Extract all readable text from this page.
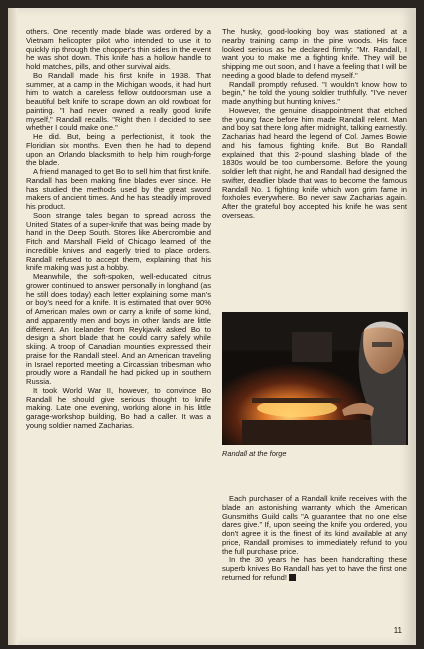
others. One recently made blade was ordered by a Vietnam helicopter pilot who intended to use it to quickly rip through the chopper's thin sides in the event he was shot down. This knife has a hollow handle to hold matches, pills, and other survival aids.

Bo Randall made his first knife in 1938. That summer, at a camp in the Michigan woods, it had hurt him to watch a careless fellow outdoorsman use a beautiful belt knife to scrape down an old rowboat for painting. "I had never owned a really good knife myself," Randall recalls. "Right then I decided to see whether I could make one."

He did. But, being a perfectionist, it took the Floridian six months. Even then he had to depend upon an Orlando blacksmith to help him rough-forge the blade.

A friend managed to get Bo to sell him that first knife. Randall has been making fine blades ever since. He has studied the methods used by the great sword makers of ancient times. And he has steadily improved his product.

Soon strange tales began to spread across the United States of a super-knife that was being made by hand in the Deep South. Stores like Abercrombie and Fitch and Marshall Field of Chicago learned of the incredible knives and eagerly tried to place orders. Randall refused to accept them, explaining that his knife making was just a hobby.

Meanwhile, the soft-spoken, well-educated citrus grower continued to answer personally in longhand (as he still does today) each letter explaining some man's or boy's need for a knife. It is estimated that over 90% of American males own or carry a knife of some kind, and apparently men and boys in other lands are little different. An Icelander from Reykjavik asked Bo to design a short blade that he could carry safely while skiing. A troop of Canadian mounties expressed their praise for the Randall steel. And an American traveling in Israel reported meeting a Circassian tribesman who proudly wore a Randall he had picked up in southern Russia.

It took World War II, however, to convince Bo Randall he should give serious thought to knife making. Late one evening, working alone in his little garage-workshop building, Bo had a caller. It was a young soldier named Zacharias.

The husky, good-looking boy was stationed at a nearby training camp in the pine woods. His face looked serious as he declared firmly: "Mr. Randall, I want you to make me a fighting knife. They will be shipping me out soon, and I have a feeling that I will be needing a good blade to defend myself."

Randall promptly refused. "I wouldn't know how to begin," he told the young soldier truthfully. "I've never made anything but hunting knives."

However, the genuine disappointment that etched the young face before him made Randall relent. Man and boy sat there long after midnight, talking earnestly. Zacharias had heard the legend of Col. James Bowie and his famous fighting knife. But Bo Randall explained that this 2-pound slashing blade of the 1830s would be too cumbersome. Before the young soldier left that night, he and Randall had designed the swifter, deadlier blade that was to become the famous Randall No. 1 fighting knife which won grim fame in foxholes everywhere. Bo never saw Zacharias again. After the grateful boy accepted his knife he was sent overseas.

Randall at the forge

Each purchaser of a Randall knife receives with the blade an astonishing warranty which the American Gunsmiths Guild calls "A guarantee that no one else dares give." If, upon seeing the knife you ordered, you don't agree it is the finest of its kind available at any price, Randall promises to immediately refund to you the full purchase price.

In the 30 years he has been handcrafting these superb knives Bo Randall has yet to have the first one returned for refund!

11
